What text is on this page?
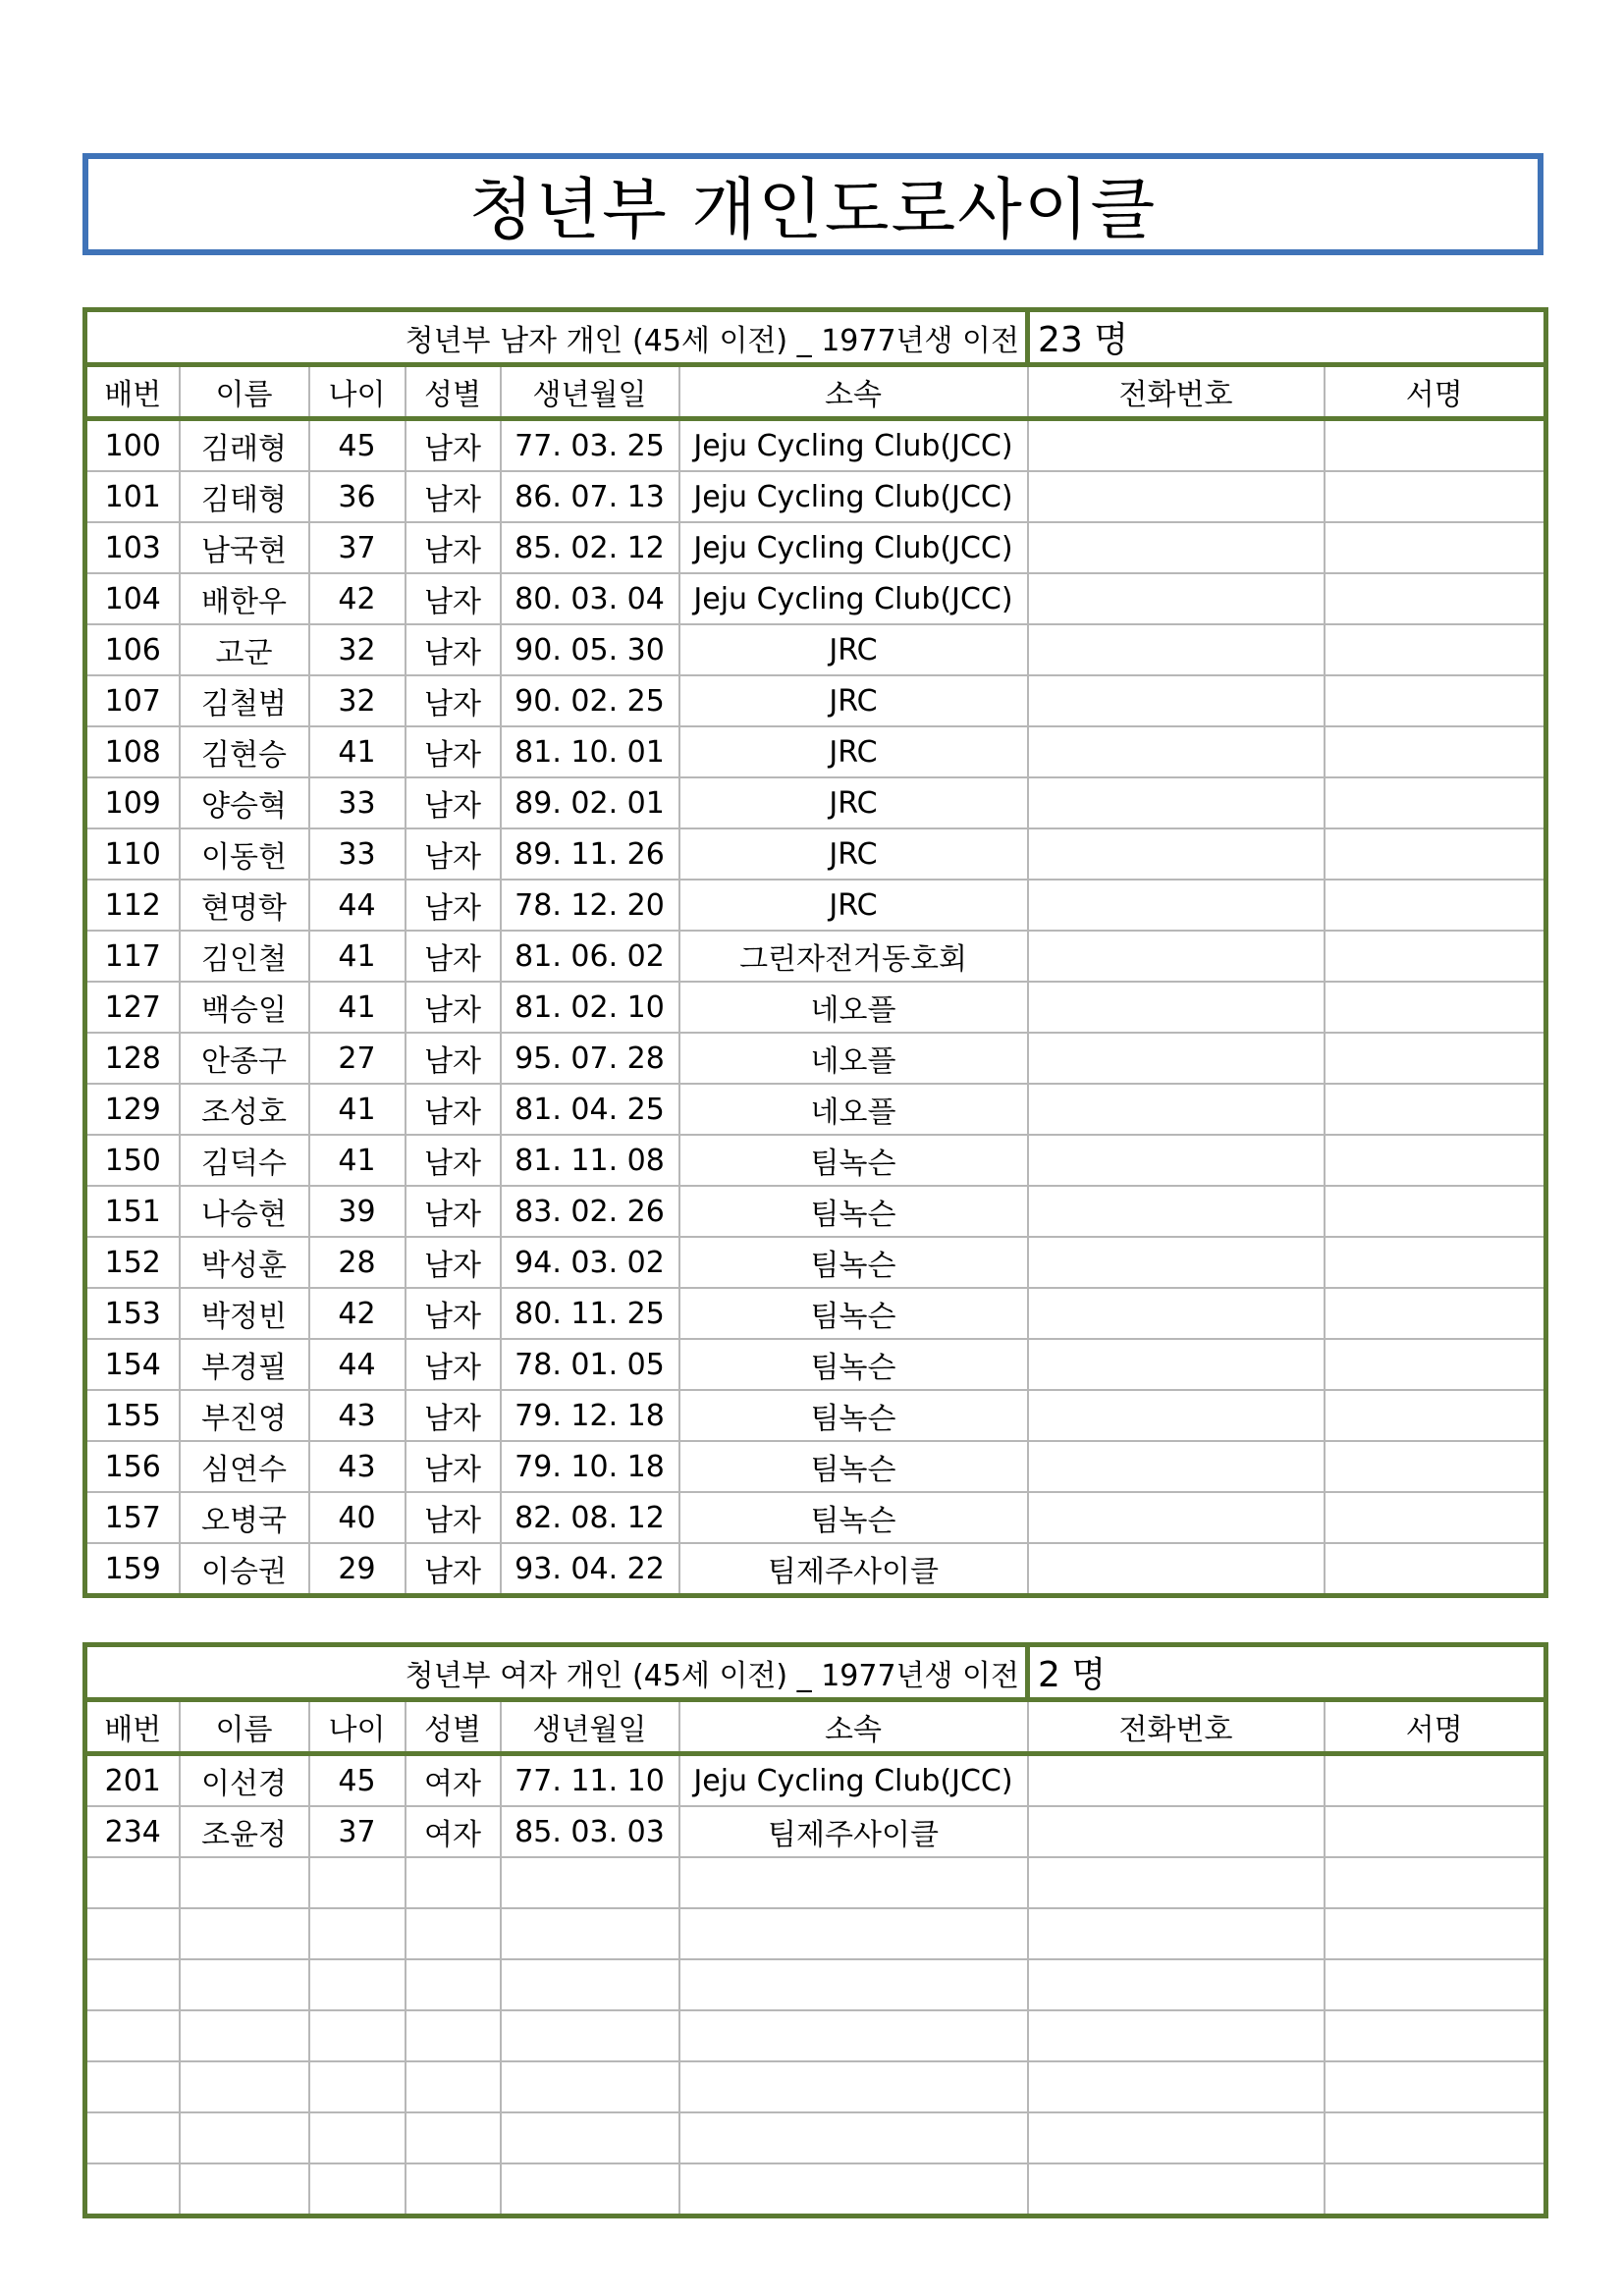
청년부 개인도로사이클
청년부 남자 개인 (45세 이전) _ 1977년생 이전						23 명	
배번	이름	나이	성별	생년월일	소속	전화번호	서명
100	김래형	45	남자	77. 03. 25	Jeju Cycling Club(JCC)		
101	김태형	36	남자	86. 07. 13	Jeju Cycling Club(JCC)		
103	남국현	37	남자	85. 02. 12	Jeju Cycling Club(JCC)		
104	배한우	42	남자	80. 03. 04	Jeju Cycling Club(JCC)		
106	고군	32	남자	90. 05. 30	JRC		
107	김철범	32	남자	90. 02. 25	JRC		
108	김현승	41	남자	81. 10. 01	JRC		
109	양승혁	33	남자	89. 02. 01	JRC		
110	이동헌	33	남자	89. 11. 26	JRC		
112	현명학	44	남자	78. 12. 20	JRC		
117	김인철	41	남자	81. 06. 02	그린자전거동호회		
127	백승일	41	남자	81. 02. 10	네오플		
128	안종구	27	남자	95. 07. 28	네오플		
129	조성호	41	남자	81. 04. 25	네오플		
150	김덕수	41	남자	81. 11. 08	팀녹슨		
151	나승현	39	남자	83. 02. 26	팀녹슨		
152	박성훈	28	남자	94. 03. 02	팀녹슨		
153	박정빈	42	남자	80. 11. 25	팀녹슨		
154	부경필	44	남자	78. 01. 05	팀녹슨		
155	부진영	43	남자	79. 12. 18	팀녹슨		
156	심연수	43	남자	79. 10. 18	팀녹슨		
157	오병국	40	남자	82. 08. 12	팀녹슨		
159	이승권	29	남자	93. 04. 22	팀제주사이클		
청년부 여자 개인 (45세 이전) _ 1977년생 이전						2 명	
배번	이름	나이	성별	생년월일	소속	전화번호	서명
201	이선경	45	여자	77. 11. 10	Jeju Cycling Club(JCC)		
234	조윤정	37	여자	85. 03. 03	팀제주사이클		
